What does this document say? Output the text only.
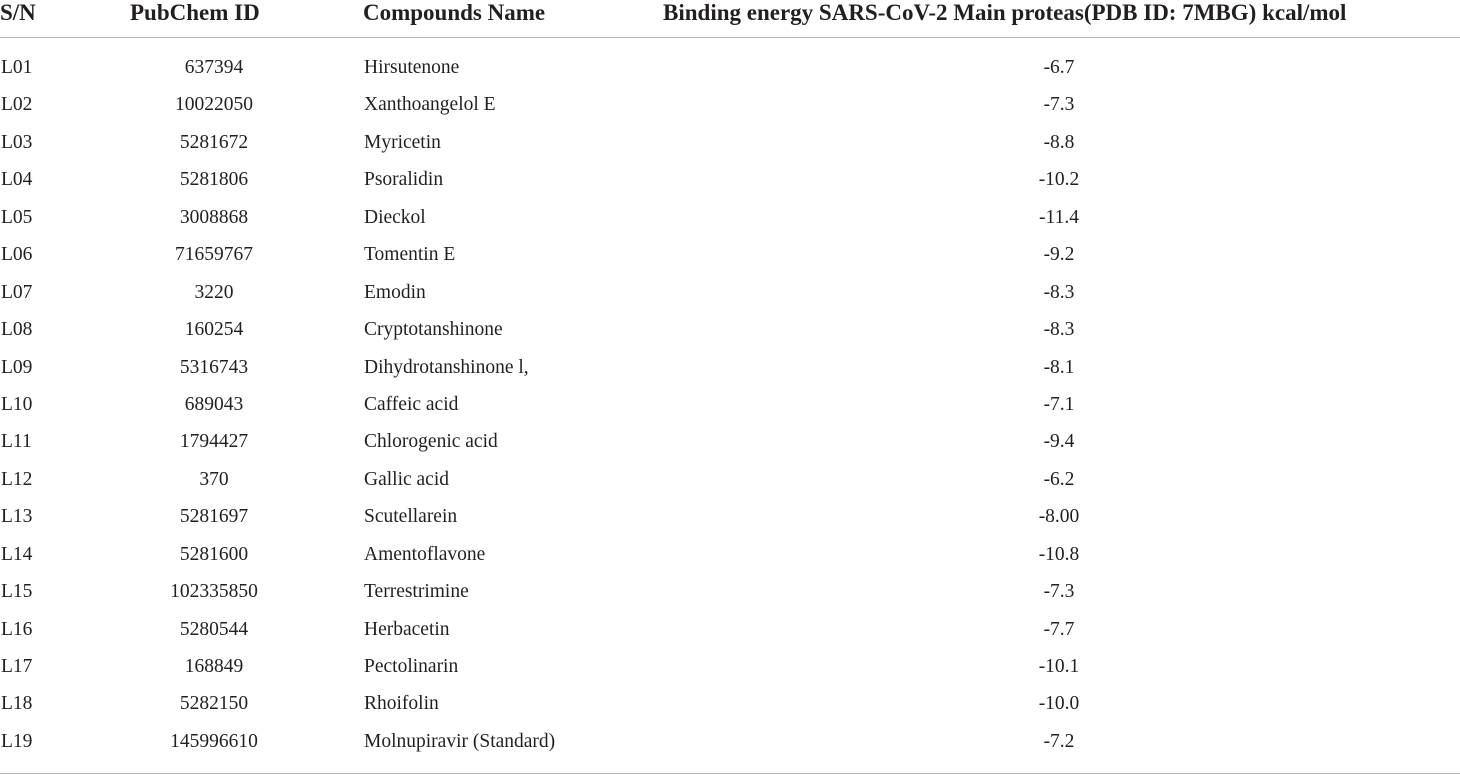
S/N	PubChem ID	Compounds Name	Binding energy SARS-CoV-2 Main proteas(PDB ID: 7MBG) kcal/mol
L01	637394	Hirsutenone	-6.7
L02	10022050	Xanthoangelol E	-7.3
L03	5281672	Myricetin	-8.8
L04	5281806	Psoralidin	-10.2
L05	3008868	Dieckol	-11.4
L06	71659767	Tomentin E	-9.2
L07	3220	Emodin	-8.3
L08	160254	Cryptotanshinone	-8.3
L09	5316743	Dihydrotanshinone l,	-8.1
L10	689043	Caffeic acid	-7.1
L11	1794427	Chlorogenic acid	-9.4
L12	370	Gallic acid	-6.2
L13	5281697	Scutellarein	-8.00
L14	5281600	Amentoflavone	-10.8
L15	102335850	Terrestrimine	-7.3
L16	5280544	Herbacetin	-7.7
L17	168849	Pectolinarin	-10.1
L18	5282150	Rhoifolin	-10.0
L19	145996610	Molnupiravir (Standard)	-7.2
